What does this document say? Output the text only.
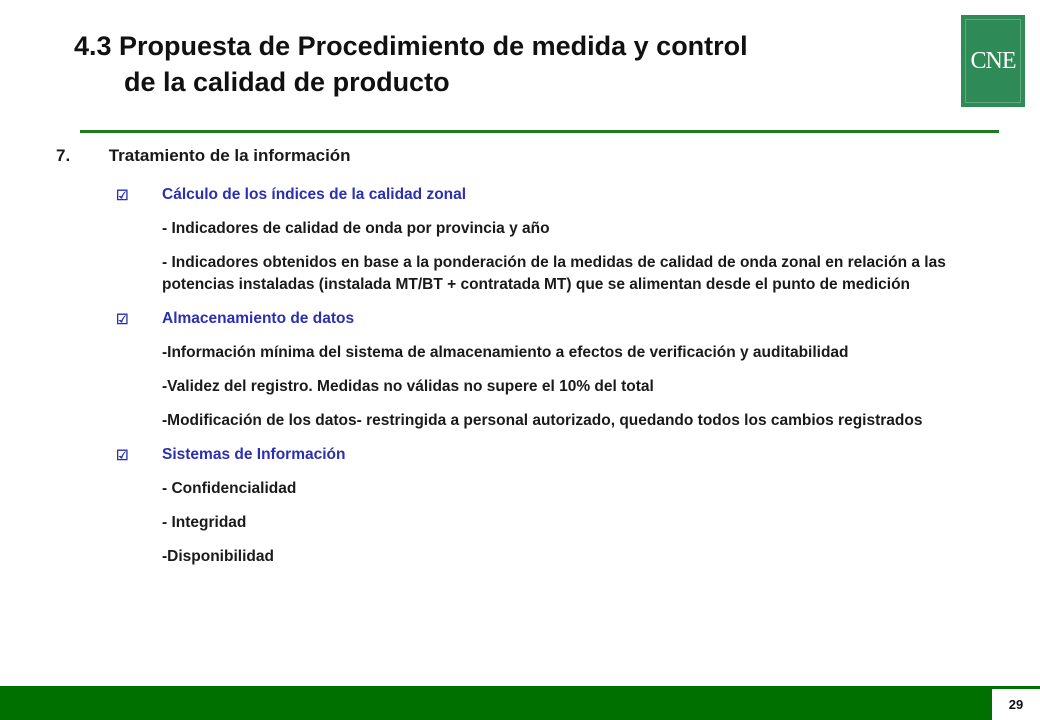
4.3 Propuesta de Procedimiento de medida y control
de la calidad de producto
CNE
7. Tratamiento de la información
☑ Cálculo de los índices de la calidad zonal
- Indicadores de calidad de onda por provincia y año
- Indicadores obtenidos en base a la ponderación de la medidas de calidad de onda zonal en relación a las potencias instaladas (instalada MT/BT + contratada MT) que se alimentan desde el punto de medición
☑ Almacenamiento de datos
-Información mínima del sistema de almacenamiento a efectos de verificación y auditabilidad
-Validez del registro. Medidas no válidas no supere el 10% del total
-Modificación de los datos- restringida a personal autorizado, quedando todos los cambios registrados
☑ Sistemas de Información
- Confidencialidad
- Integridad
-Disponibilidad
29
